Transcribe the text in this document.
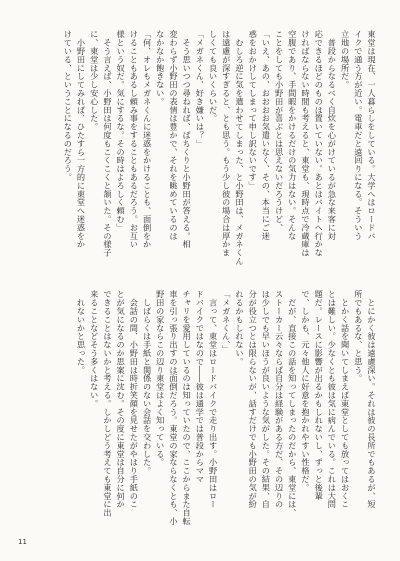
東堂は現在、一人暮らしをしている。大学へはロードバ
イクで通う方が近い。電車だと遠回りになる。そういう
立地の場所だ。
　普段からなるべく自炊を心がけているが急な来客に対
応できるほどのものは置いていない。あとはバイトへ行かな
ければならない時間も考えると、東堂も、現時点で冷蔵庫は
空腹であり、手間暇をかけるだけの気力はない。そんな
ことをしても小野田が喜ぶとは思えないだろうけど、
「いえ、あの、おおおお気遣いなく、その、本当にご迷
惑をおかけしてしまって申し訳ないです」
　むしろ逆に気を遣わせてしまった、と小野田は、メガネくん
は遠慮が深すぎると、とも思う。もう少し彼の場合は厚かま
しくても良いくらいだ。
「メガネくん、好き嫌いは？」
　そう思いつつ尋ねれば、ぱちくりと小野田が答える。相
変わらず小野田の表情は豊かで、それを眺めているのは
なかなか飽きない。
「何、オレもメガネくんに迷惑をかけることも、面倒をか
けることもあるし頼み事をすることもあるだろう。お互い
様という奴だ。気にするな。その時はよろしく頼む」
　そう言えば、小野田は何度もこくこくと頷いた。その様子
に、東堂は少し安心した。
　小野田にしてみれば、ひたすら一方的に東堂へ迷惑をか
けている、ということになるのだろう。
　とにかく彼は遠慮深い。それは彼の長所でもあるが、短
所でもあるな、と思う。
　とかく話を聞いてしまえば東堂としても放ってはおくこ
とは難しい。少なくとも彼は気に病んでいる。これは大問
題だ。レースに影響が出るかもしれないし、ずっと後輩
で、しかも、元々他人に好意を抱かれやすい性格だ。
　だが、直接この話を知ってしまったのだから、東堂には、
ストーカー云々ならば自分は経験がある方だ、その辺りの
は少しでも早いほうが良いような気がした。その結果、自
分が役立つとは限らないが、話すだけでも小野田の気が紛
れるかもしれない。
「メガネくん、」
　言って、東堂はロードバイクで走り出す。小野田はロー
ドバイクではなので――彼は通学では普段からママ
チャリを愛用しているのは知っていたので、ここからまた自転
車を引っ張り出すのは面倒だろう。東堂の家ならなくとも、小
野田の家ならこの辺り東堂はよく知っている。
　しばらくは手紙と関係のない会話を交わした。
　会話の間、小野田は時折笑顔を見せたがやはり手紙のこ
とが気になるのか思案に沈む。その度に東堂は自分に何か
できることはないかと考える。しかしどう考えても東堂に出
来ることなどそう多くはない。
　れないかと思った。
11
